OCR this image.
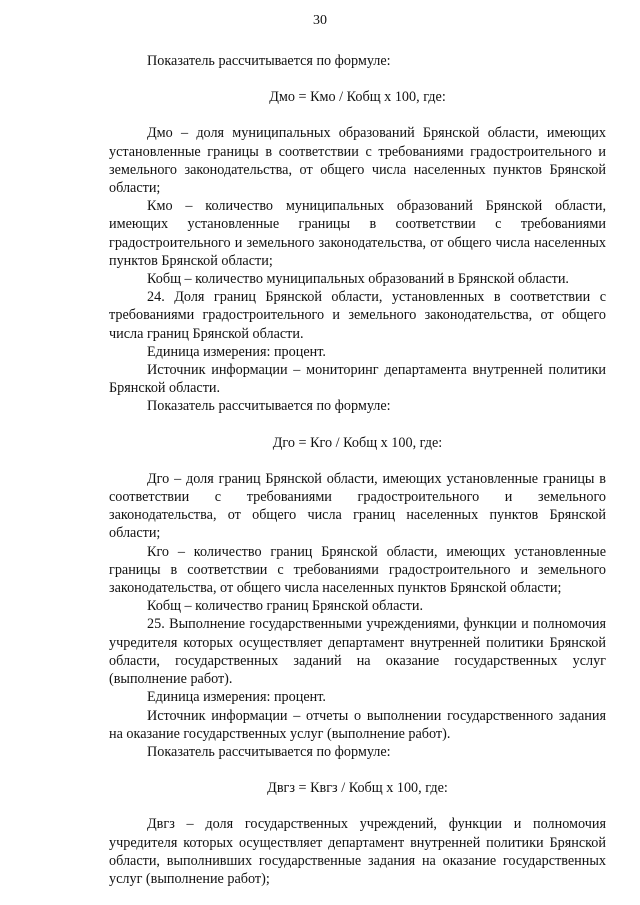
30

Показатель рассчитывается по формуле:

Дмо = Кмо / Кобщ х 100, где:

Дмо – доля муниципальных образований Брянской области, имеющих установленные границы в соответствии с требованиями градостроительного и земельного законодательства, от общего числа населенных пунктов Брянской области;

Кмо – количество муниципальных образований Брянской области, имеющих установленные границы в соответствии с требованиями градостроительного и земельного законодательства, от общего числа населенных пунктов Брянской области;

Кобщ – количество муниципальных образований в Брянской области.

24. Доля границ Брянской области, установленных в соответствии с требованиями градостроительного и земельного законодательства, от общего числа границ Брянской области.

Единица измерения: процент.

Источник информации – мониторинг департамента внутренней политики Брянской области.

Показатель рассчитывается по формуле:

Дго = Кго / Кобщ х 100, где:

Дго – доля границ Брянской области, имеющих установленные границы в соответствии с требованиями градостроительного и земельного законодательства, от общего числа границ населенных пунктов Брянской области;

Кго – количество границ Брянской области, имеющих установленные границы в соответствии с требованиями градостроительного и земельного законодательства, от общего числа населенных пунктов Брянской области;

Кобщ – количество границ Брянской области.

25. Выполнение государственными учреждениями, функции и полномочия учредителя которых осуществляет департамент внутренней политики Брянской области, государственных заданий на оказание государственных услуг (выполнение работ).

Единица измерения: процент.

Источник информации – отчеты о выполнении государственного задания на оказание государственных услуг (выполнение работ).

Показатель рассчитывается по формуле:

Двгз = Квгз / Кобщ х 100, где:

Двгз – доля государственных учреждений, функции и полномочия учредителя которых осуществляет департамент внутренней политики Брянской области, выполнивших государственные задания на оказание государственных услуг (выполнение работ);
